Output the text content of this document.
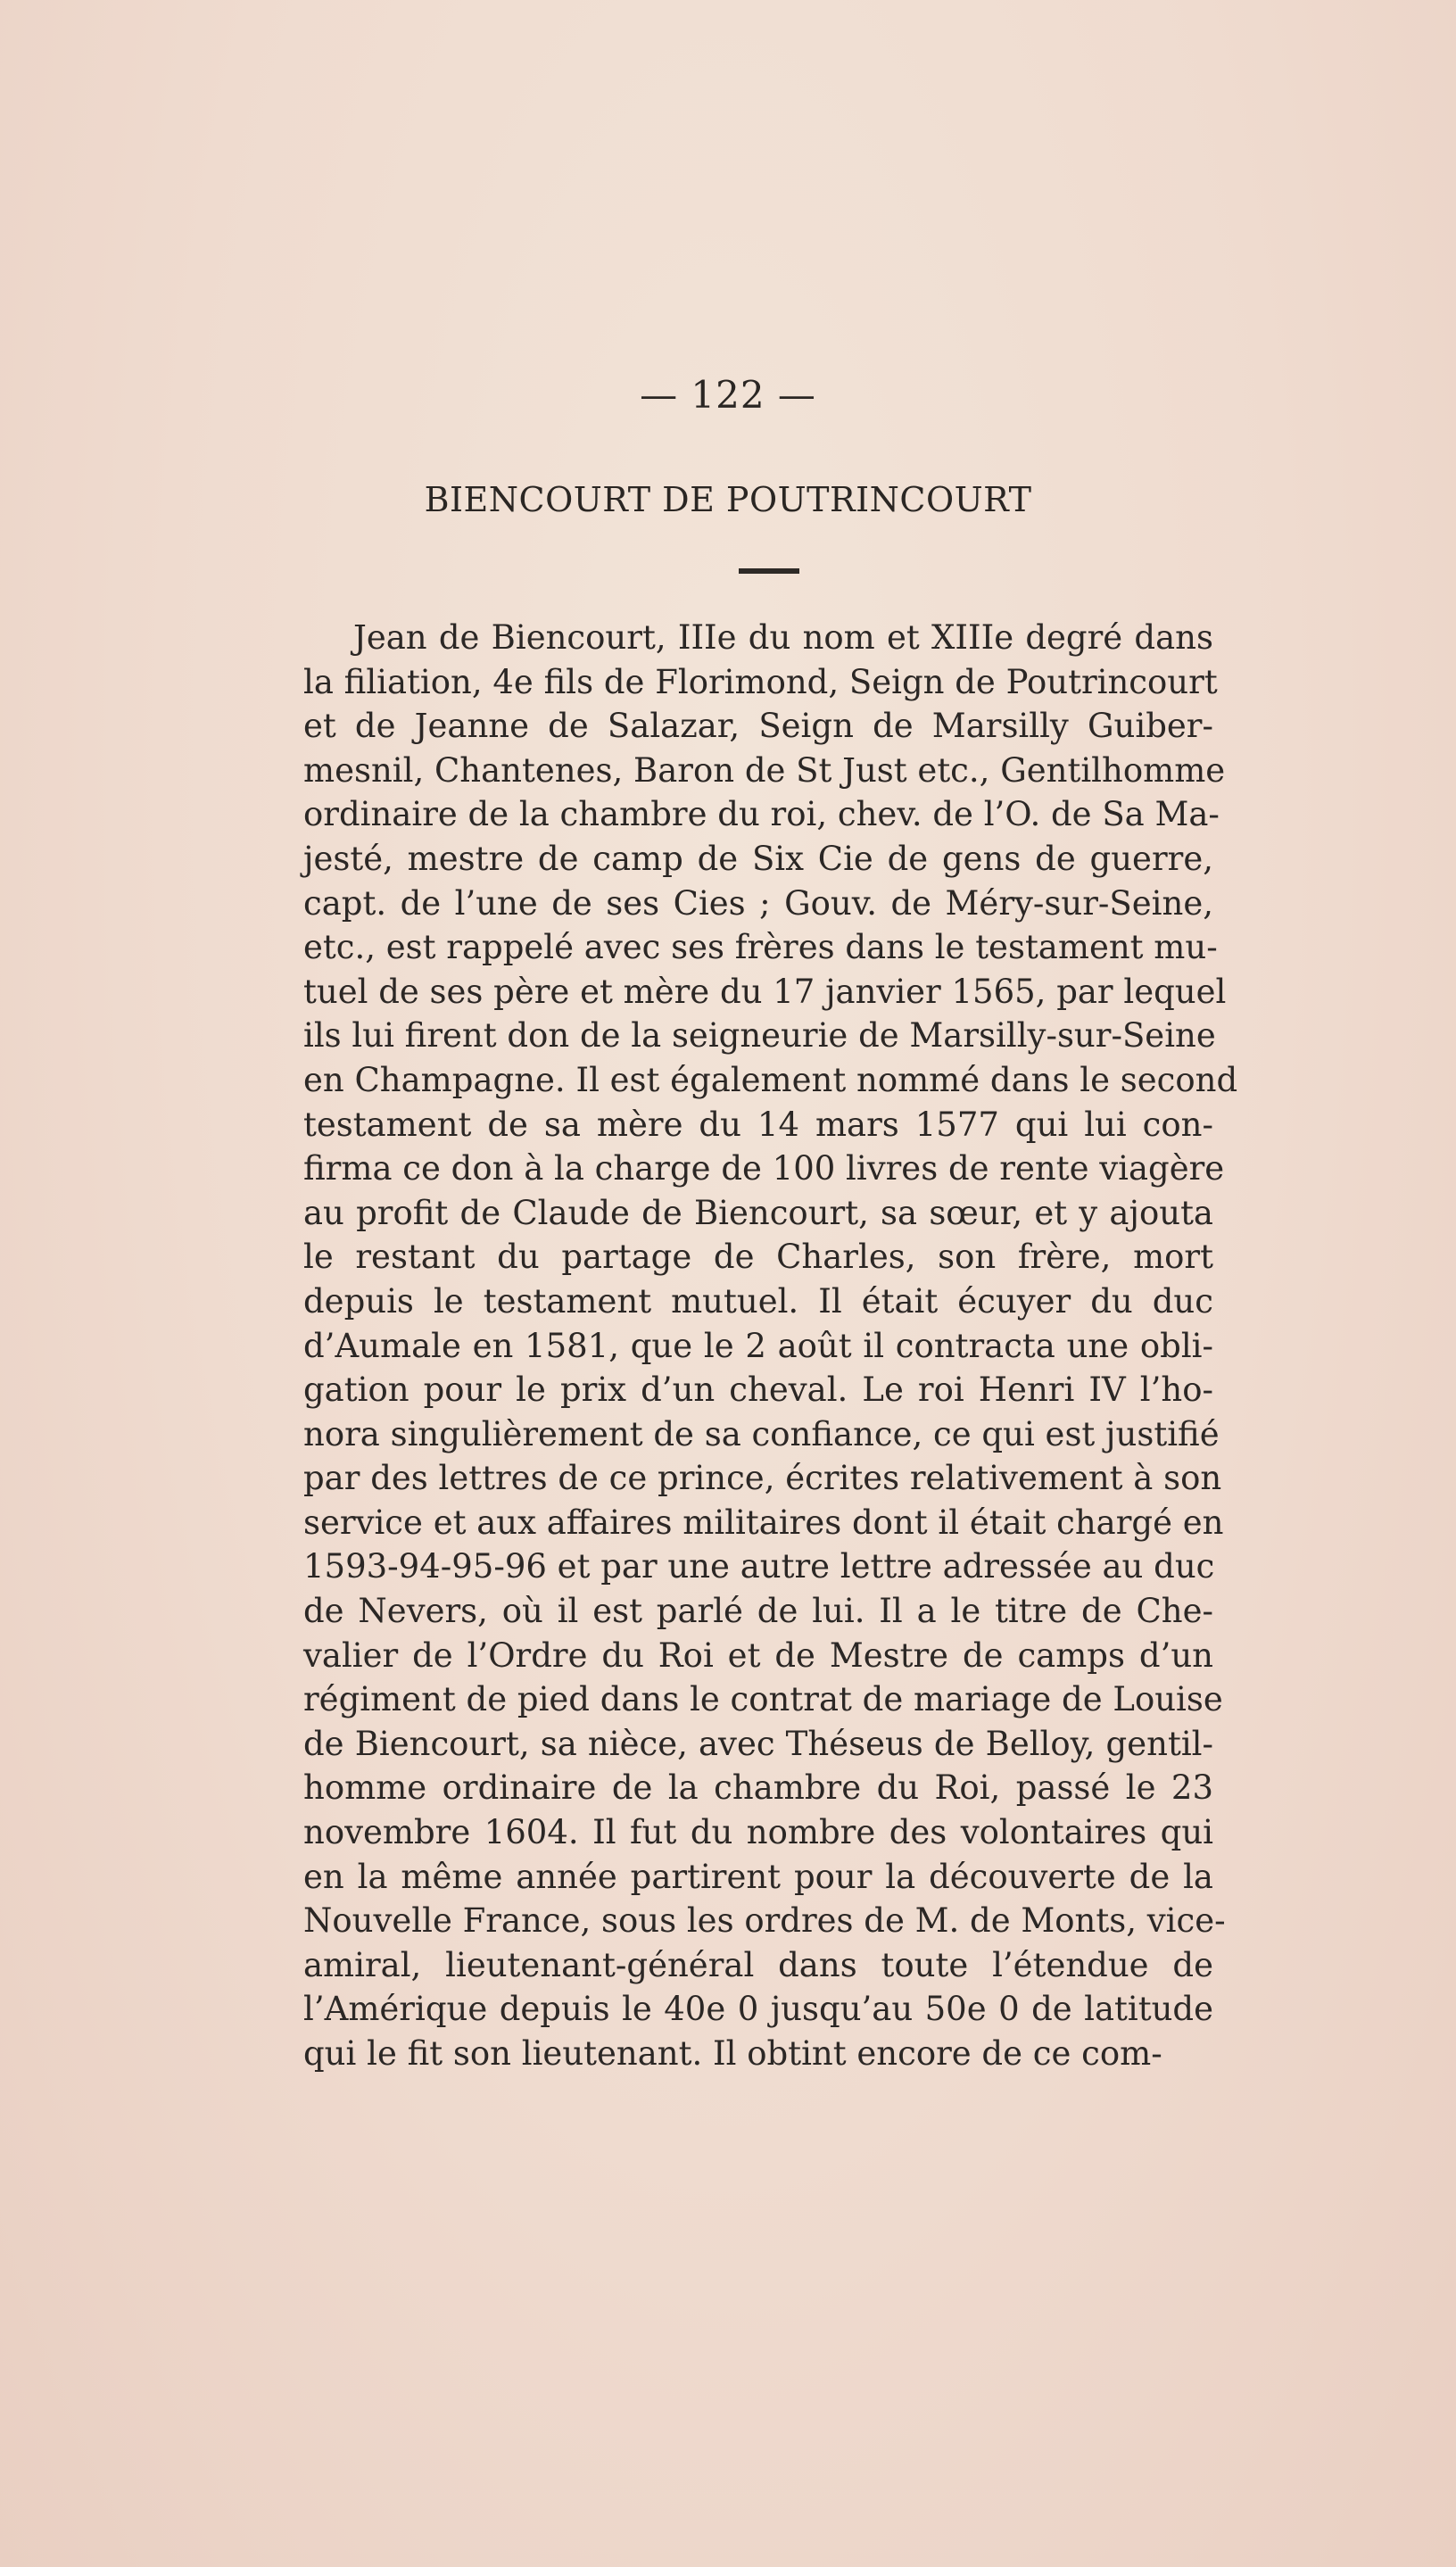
— 122 —
BIENCOURT DE POUTRINCOURT
Jean de Biencourt, IIIe du nom et XIIIe degré dans
la filiation, 4e fils de Florimond, Seign de Poutrincourt
et de Jeanne de Salazar, Seign de Marsilly Guiber-
mesnil, Chantenes, Baron de St Just etc., Gentilhomme
ordinaire de la chambre du roi, chev. de l’O. de Sa Ma-
jesté, mestre de camp de Six Cie de gens de guerre,
capt. de l’une de ses Cies ; Gouv. de Méry-sur-Seine,
etc., est rappelé avec ses frères dans le testament mu-
tuel de ses père et mère du 17 janvier 1565, par lequel
ils lui firent don de la seigneurie de Marsilly-sur-Seine
en Champagne. Il est également nommé dans le second
testament de sa mère du 14 mars 1577 qui lui con-
firma ce don à la charge de 100 livres de rente viagère
au profit de Claude de Biencourt, sa sœur, et y ajouta
le restant du partage de Charles, son frère, mort
depuis le testament mutuel. Il était écuyer du duc
d’Aumale en 1581, que le 2 août il contracta une obli-
gation pour le prix d’un cheval. Le roi Henri IV l’ho-
nora singulièrement de sa confiance, ce qui est justifié
par des lettres de ce prince, écrites relativement à son
service et aux affaires militaires dont il était chargé en
1593-94-95-96 et par une autre lettre adressée au duc
de Nevers, où il est parlé de lui. Il a le titre de Che-
valier de l’Ordre du Roi et de Mestre de camps d’un
régiment de pied dans le contrat de mariage de Louise
de Biencourt, sa nièce, avec Théseus de Belloy, gentil-
homme ordinaire de la chambre du Roi, passé le 23
novembre 1604. Il fut du nombre des volontaires qui
en la même année partirent pour la découverte de la
Nouvelle France, sous les ordres de M. de Monts, vice-
amiral, lieutenant-général dans toute l’étendue de
l’Amérique depuis le 40e 0 jusqu’au 50e 0 de latitude
qui le fit son lieutenant. Il obtint encore de ce com-
